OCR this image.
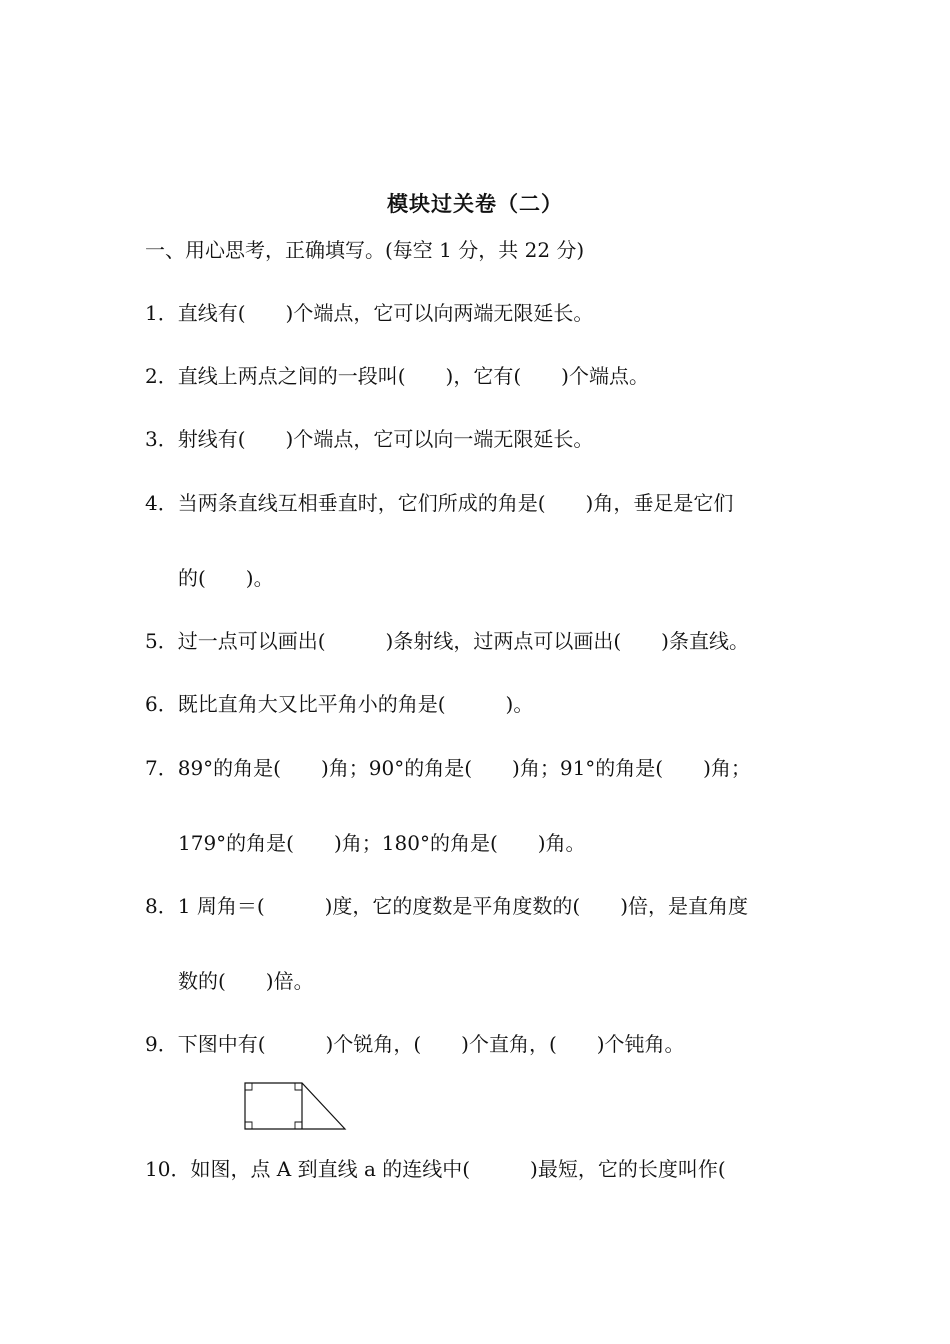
模块过关卷（二）
一、用心思考，正确填写。(每空 1 分，共 22 分)
1．直线有(　　)个端点，它可以向两端无限延长。
2．直线上两点之间的一段叫(　　)，它有(　　)个端点。
3．射线有(　　)个端点，它可以向一端无限延长。
4．当两条直线互相垂直时，它们所成的角是(　　)角，垂足是它们
的(　　)。
5．过一点可以画出(　　　)条射线，过两点可以画出(　　)条直线。
6．既比直角大又比平角小的角是(　　　)。
7．89°的角是(　　)角；90°的角是(　　)角；91°的角是(　　)角；
179°的角是(　　)角；180°的角是(　　)角。
8．1 周角＝(　　　)度，它的度数是平角度数的(　　)倍，是直角度
数的(　　)倍。
9．下图中有(　　　)个锐角，(　　)个直角，(　　)个钝角。
10．如图，点 A 到直线 a 的连线中(　　　)最短，它的长度叫作(
